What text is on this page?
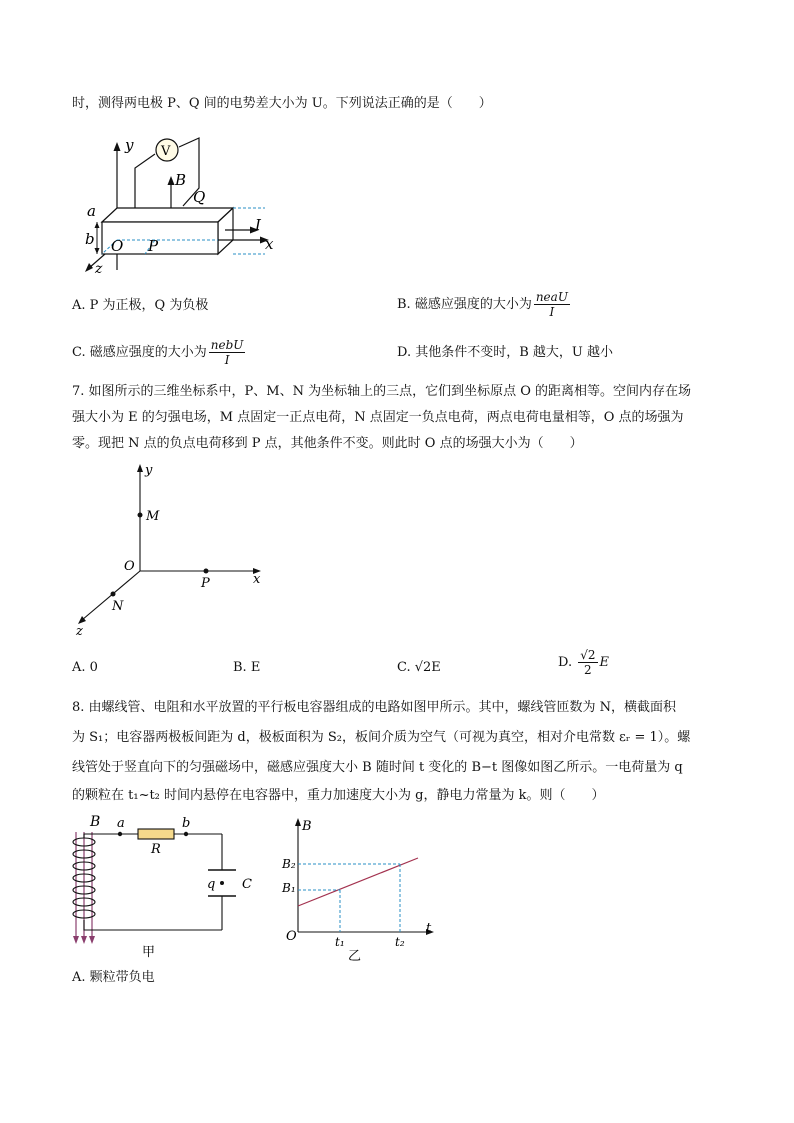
时，测得两电极 P、Q 间的电势差大小为 U。下列说法正确的是（　　）
y V
B
Q
a
b O P
I
x
z
A. P 为正极，Q 为负极	B. 磁感应强度的大小为 $\frac{\text{neaU}}{I}$
C. 磁感应强度的大小为 $\frac{\text{nebU}}{I}$	D. 其他条件不变时，B 越大，U 越小
7. 如图所示的三维坐标系中，P、M、N 为坐标轴上的三点，它们到坐标原点 O 的距离相等。空间内存在场
强大小为 E 的匀强电场，M 点固定一正点电荷，N 点固定一负点电荷，两点电荷电量相等，O 点的场强为
零。现把 N 点的负点电荷移到 P 点，其他条件不变。则此时 O 点的场强大小为（　　）
y
M
O
x
P
N
z
A. 0	B. E	C. √2E	D. $\frac{√2}{2}$ E
8. 由螺线管、电阻和水平放置的平行板电容器组成的电路如图甲所示。其中，螺线管匝数为 N，横截面积
为 S₁；电容器两极板间距为 d，极板面积为 S₂，板间介质为空气（可视为真空，相对介电常数 εᵣ = 1）。螺
线管处于竖直向下的匀强磁场中，磁感应强度大小 B 随时间 t 变化的 B−t 图像如图乙所示。一电荷量为 q
的颗粒在 t₁~t₂ 时间内悬停在电容器中，重力加速度大小为 g，静电力常量为 k。则（　　）
B a
R
b
q C
甲
B
t
O
B₂
B₁
t₁	t₂
乙
A. 颗粒带负电
